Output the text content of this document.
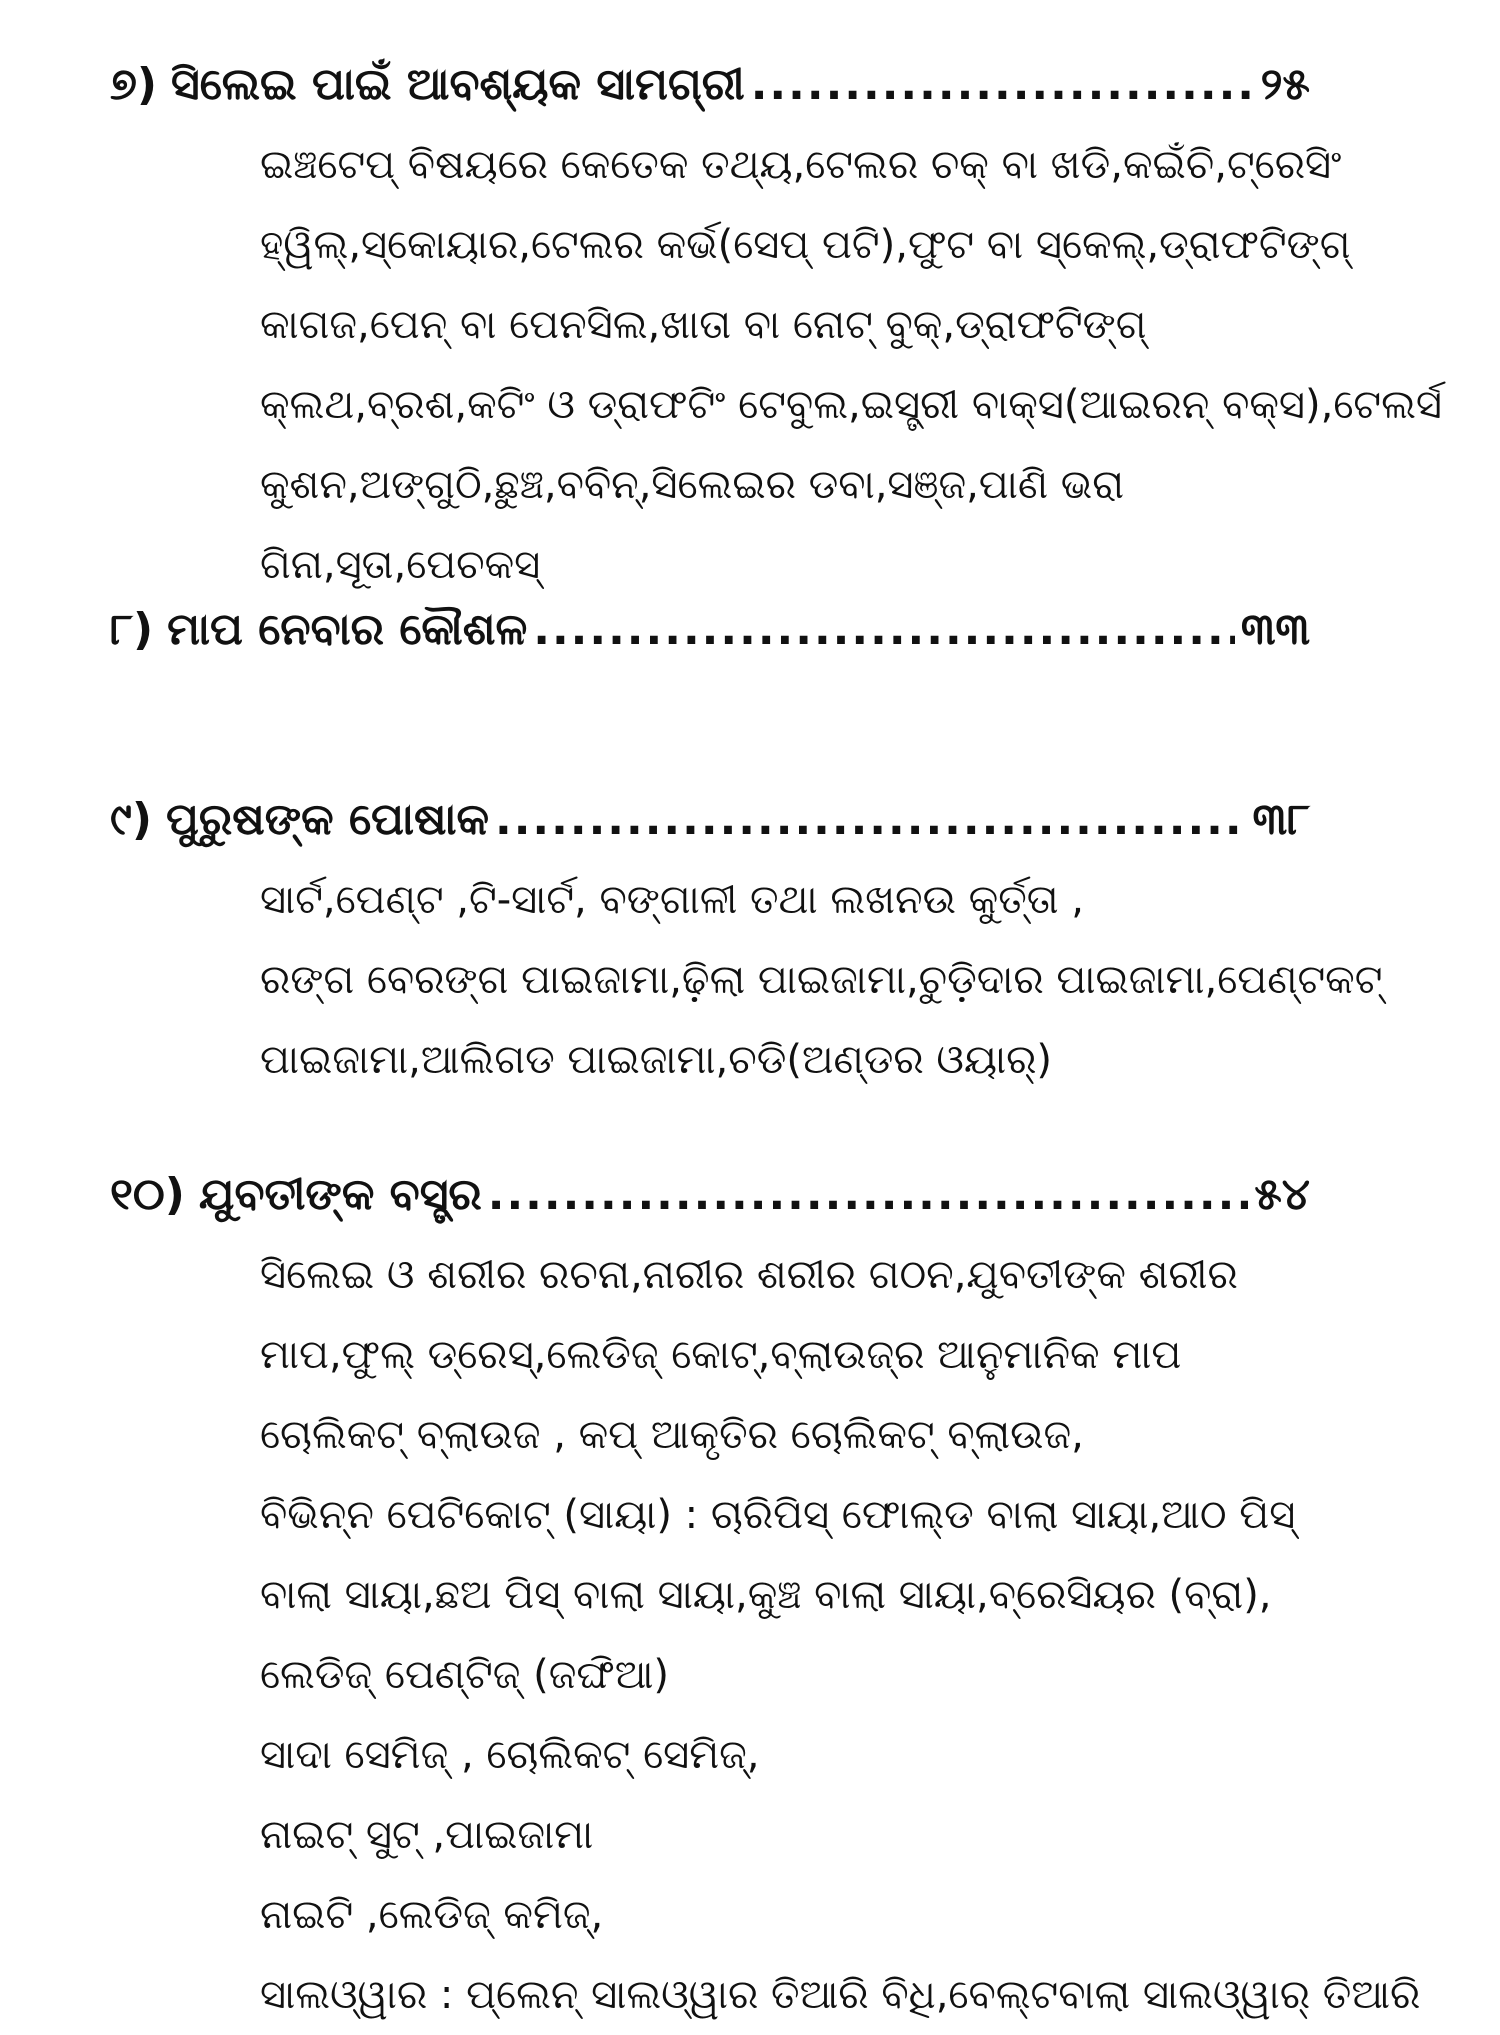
୭) ସିଲେଇ ପାଇଁ ଆବଶ୍ୟକ ସାମଗ୍ରୀ .....	୨୫
ଇଞ୍ଚଟେପ୍ ବିଷୟରେ କେତେକ ତଥ୍ୟ,ଟେଲର ଚକ୍ ବା ଖଡି,କଇଁଚି,ଟ୍ରେସିଂ
ହ୍ୱିଲ୍,ସ୍କୋୟାର,ଟେଲର କର୍ଭ(ସେପ୍ ପଟି),ଫୁଟ ବା ସ୍କେଲ୍,ଡ୍ରାଫଟିଙ୍ଗ୍
କାଗଜ,ପେନ୍ ବା ପେନସିଲ,ଖାତା ବା ନୋଟ୍ ବୁକ୍,ଡ୍ରାଫଟିଙ୍ଗ୍
କ୍ଲଥ,ବ୍ରଶ,କଟିଂ ଓ ଡ୍ରାଫଟିଂ ଟେବୁଲ,ଇସ୍ତ୍ରୀ ବାକ୍ସ(ଆଇରନ୍ ବକ୍ସ),ଟେଲର୍ସ
କୁଶନ,ଅଙ୍ଗୁଠି,ଛୁଞ୍ଚ,ବବିନ୍,ସିଲେଇର ଡବା,ସଞ୍ଜ,ପାଣି ଭରା
ଗିନା,ସୂତା,ପେଚକସ୍
୮) ମାପ ନେବାର କୌଶଳ .....	୩୩
୯) ପୁରୁଷଙ୍କ ପୋଷାକ .....	୩୮
ସାର୍ଟ,ପେଣ୍ଟ ,ଟି-ସାର୍ଟ, ବଙ୍ଗାଳୀ ତଥା ଲଖନଉ କୁର୍ତ୍ତା ,
ରଙ୍ଗ ବେରଙ୍ଗ ପାଇଜାମା,ଢ଼ିଲା ପାଇଜାମା,ଚୁଡ଼ିଦାର ପାଇଜାମା,ପେଣ୍ଟକଟ୍
ପାଇଜାମା,ଆଲିଗଡ ପାଇଜାମା,ଚଡି(ଅଣ୍ଡର ଓୟାର୍)
୧୦) ଯୁବତୀଙ୍କ ବସ୍ତ୍ର .....	୫୪
ସିଲେଇ ଓ ଶରୀର ରଚନା,ନାରୀର ଶରୀର ଗଠନ,ଯୁବତୀଙ୍କ ଶରୀର
ମାପ,ଫୁଲ୍ ଡ୍ରେସ୍,ଲେଡିଜ୍ କୋଟ୍,ବ୍ଲାଉଜ୍ର ଆନୁମାନିକ ମାପ
ଚୋଲିକଟ୍ ବ୍ଲାଉଜ , କପ୍ ଆକୃତିର ଚୋଲିକଟ୍ ବ୍ଲାଉଜ,
ବିଭିନ୍ନ ପେଟିକୋଟ୍ (ସାୟା) : ଚାରିପିସ୍ ଫୋଲ୍ଡ ବାଲା ସାୟା,ଆଠ ପିସ୍
ବାଲା ସାୟା,ଛଅ ପିସ୍ ବାଲା ସାୟା,କୁଞ୍ଚ ବାଲା ସାୟା,ବ୍ରେସିୟର (ବ୍ରା),
ଲେଡିଜ୍ ପେଣ୍ଟିଜ୍ (ଜଙ୍ଘିଆ)
ସାଦା ସେମିଜ୍ , ଚୋଲିକଟ୍ ସେମିଜ୍,
ନାଇଟ୍ ସୁଟ୍ ,ପାଇଜାମା
ନାଇଟି ,ଲେଡିଜ୍ କମିଜ୍,
ସାଲଓ୍ୱାର : ପ୍ଲେନ୍ ସାଲଓ୍ୱାର ତିଆରି ବିଧି,ବେଲ୍ଟବାଲା ସାଲଓ୍ୱାର୍ ତିଆରି
